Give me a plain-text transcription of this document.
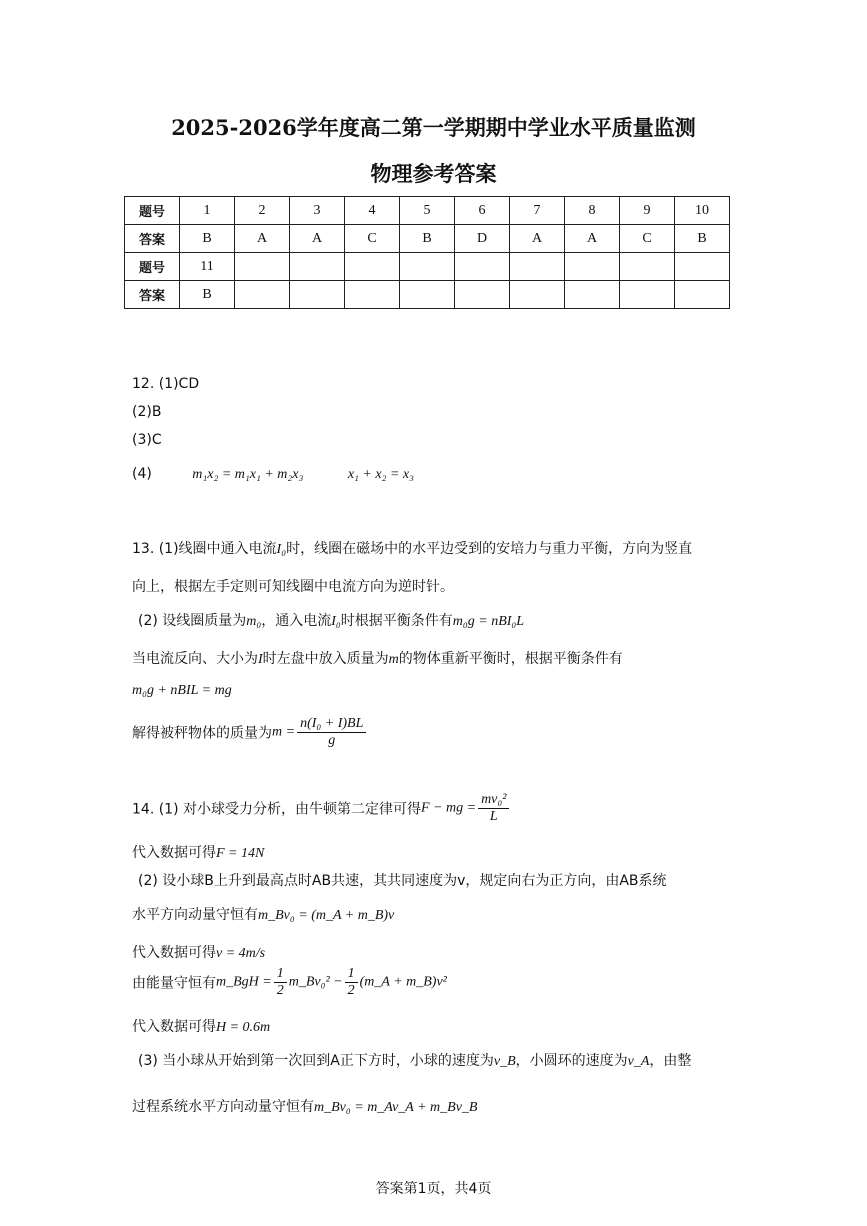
2025-2026学年度高二第一学期期中学业水平质量监测
物理参考答案
题号	1	2	3	4	5	6	7	8	9	10
答案	B	A	A	C	B	D	A	A	C	B
题号	11									
答案	B									
12. (1)CD
(2)B
(3)C
(4)	m₁x₂ = m₁x₁ + m₂x₃	x₁ + x₂ = x₃
13. (1)线圈中通入电流I₀时，线圈在磁场中的水平边受到的安培力与重力平衡，方向为竖直
向上，根据左手定则可知线圈中电流方向为逆时针。
(2) 设线圈质量为m₀，通入电流I₀时根据平衡条件有m₀g = nBI₀L
当电流反向、大小为I时左盘中放入质量为m的物体重新平衡时，根据平衡条件有
m₀g + nBIL = mg
解得被秤物体的质量为$m = \frac{\text{n(I₀ + I)BL}}{g}$
14. (1) 对小球受力分析，由牛顿第二定律可得F − mg = $\frac{\text{mv₀²}}{L}$
代入数据可得F = 14N
(2) 设小球B上升到最高点时AB共速，其共同速度为v，规定向右为正方向，由AB系统
水平方向动量守恒有m_Bv₀ = (m_A + m_B)v
代入数据可得v = 4m/s
由能量守恒有m_BgH = $\frac{1}{2}$ m_Bv₀² − $\frac{1}{2}$ (m_A + m_B)v²
代入数据可得H = 0.6m
(3) 当小球从开始到第一次回到A正下方时，小球的速度为v_B，小圆环的速度为v_A，由整
过程系统水平方向动量守恒有m_Bv₀ = m_Av_A + m_Bv_B
答案第1页，共4页
